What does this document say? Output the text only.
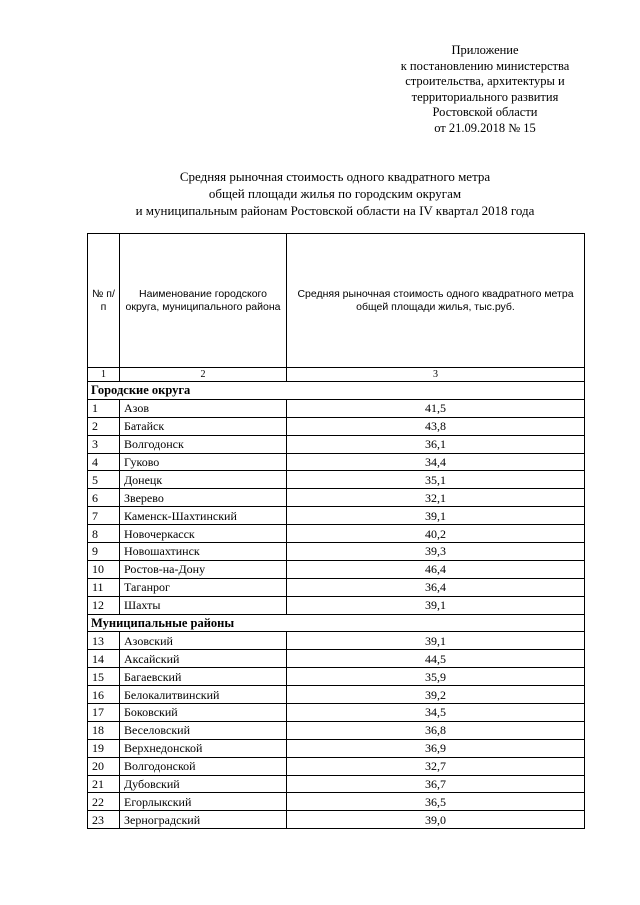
Приложение
к постановлению министерства
строительства, архитектуры и
территориального развития
Ростовской области
от 21.09.2018 № 15
Средняя рыночная стоимость одного квадратного метра
общей площади жилья по городским округам
и муниципальным районам Ростовской области на IV квартал 2018 года
№ п/п	Наименование городского округа, муниципального района	Средняя рыночная стоимость одного квадратного метра общей площади жилья, тыс.руб.
1	2	3
Городские округа		
1	Азов	41,5
2	Батайск	43,8
3	Волгодонск	36,1
4	Гуково	34,4
5	Донецк	35,1
6	Зверево	32,1
7	Каменск-Шахтинский	39,1
8	Новочеркасск	40,2
9	Новошахтинск	39,3
10	Ростов-на-Дону	46,4
11	Таганрог	36,4
12	Шахты	39,1
Муниципальные районы		
13	Азовский	39,1
14	Аксайский	44,5
15	Багаевский	35,9
16	Белокалитвинский	39,2
17	Боковский	34,5
18	Веселовский	36,8
19	Верхнедонской	36,9
20	Волгодонской	32,7
21	Дубовский	36,7
22	Егорлыкский	36,5
23	Зерноградский	39,0
